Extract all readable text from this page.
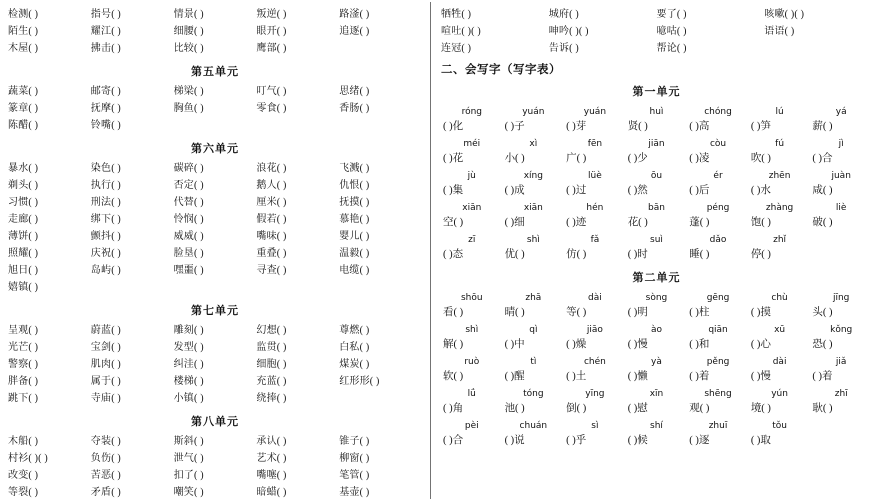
检测( )	指号( )	情景( )	叛逆( )	路滏( )

陌生( )	耀江( )	细腰( )	眼开( )	追逐( )

木屋( )	拂击( )	比较( )	鹰部( )	

第五单元
蔬菜( )	邮寄( )	梯梁( )	叮气( )	思绪( )

篆章( )	抚摩( )	胸鱼( )	零食( )	香肠( )

陈醋( )	铃嘴( )			

第六单元
暴水( )	染色( )	碳碎( )	浪花( )	飞溅( )

剃头( )	执行( )	否定( )	鹅人( )	仇恨( )

习惯( )	刑法( )	代替( )	厘米( )	抚摸( )

走廊( )	绑下( )	怜悯( )	假若( )	慕艳( )

薄饼( )	颤抖( )	威威( )	嘴味( )	婴儿( )

照耀( )	庆祝( )	脸垦( )	重叠( )	温毅( )

旭日( )	岛屿( )	嘿噩( )	寻查( )	电缆( )

嬉镇( )				

第七单元
呈观( )	蔚蓝( )	雕刻( )	幻想( )	尊燃( )

光芒( )	宝剑( )	发型( )	监贯( )	白私( )

警察( )	肌肉( )	纠洼( )	细胞( )	煤炭( )

胖备( )	属于( )	楼梯( )	充蓝( )	红形形( )

跳下( )	寺庙( )	小镇( )	绕捧( )	

第八单元
木船( )	夺装( )	斯斜( )	承认( )	锥子( )

村衫( )( )	负伤( )	泄气( )	艺术( )	柳窗( )

改变( )	苦恶( )	扣了( )	嘴噻( )	笔管( )

等裂( )	矛盾( )	嘲笑( )	暗蜡( )	基壶( )
牺牲( )	城府( )	要了( )	咳嗽( )( )

喧吐( )( )	呻吟( )( )	噫咕( )	语语( )

连冠( )	告诉( )	帮论( )	

二、会写字（写字表）
第一单元
róng	yuán	yuán	huì	chóng	lú	yá

( )化	( )子	( )芽	贤( )	( )高	( )笋	薪( )

méi	xì	fēn	jiān	còu	fú	jì

( )花	小( )	广( )	( )少	( )凌	吹( )	( )合

jù	xíng	lüè	ōu	ér	zhēn	juàn

( )集	( )成	( )过	( )然	( )后	( )水	咸( )

xiān	xiān	hén	bān	péng	zhàng	liè

空( )	( )细	( )迹	花( )	蓬( )	饱( )	破( )

zī	shì	fǎ	suì	dǎo	zhǐ	

( )态	优( )	仿( )	( )时	睡( )	停( )	

第二单元
shōu	zhā	dài	sòng	gēng	chù	jīng

看( )	晴( )	等( )	( )明	( )柱	( )摸	头( )

shì	qì	jiāo	ào	qiān	xū	kǒng

解( )	( )中	( )燥	( )慢	( )和	( )心	恐( )

ruò	tì	chén	yà	pěng	dài	jiǎ

软( )	( )醒	( )土	( )懒	( )着	( )慢	( )着

lǘ	tóng	yīng	xīn	shēng	yún	zhī

( )角	池( )	倒( )	( )慰	观( )	境( )	耿( )

pèi	chuán	sì	shí	zhuī	tǒu	

( )合	( )说	( )乎	( )候	( )逐	( )取	
